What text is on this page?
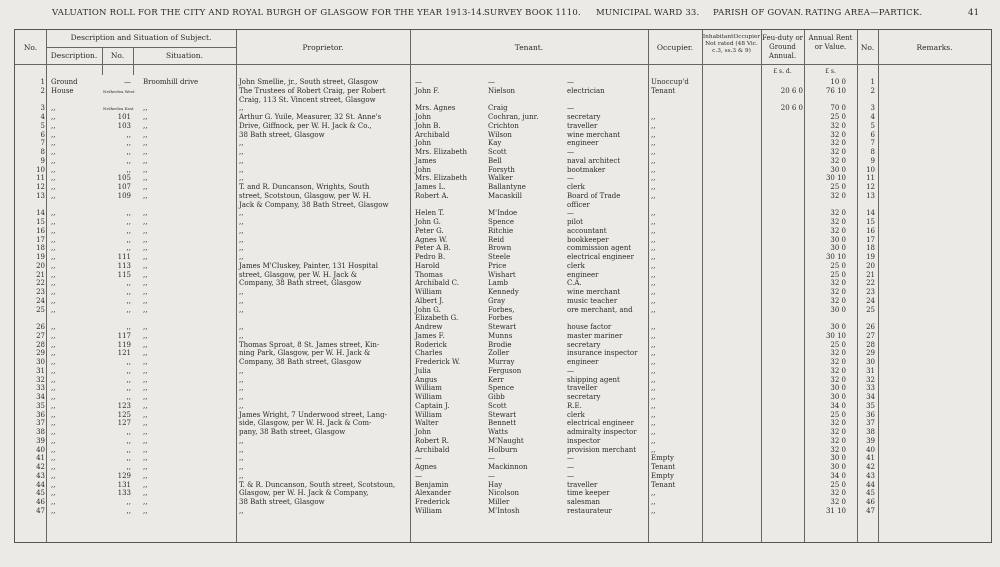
VALUATION ROLL FOR THE CITY AND ROYAL BURGH OF GLASGOW FOR THE YEAR 1913-14. SURVEY BOOK 1110. MUNICIPAL WARD 33. PARISH OF GOVAN. RATING AREA—PARTICK.	41
No.
Description and Situation of Subject.
Description.	No.	Situation.
Proprietor.	Tenant.	Occupier.
InhabitantOccupier Not rated (48 Vic. c.3, ss.3 & 9)
Feu-duty or Ground Annual.
Annual Rent or Value.	No.	Remarks.
£ s. d.	£ s.
1 Ground	— Broomhill drive	John Smellie, jr., South street, Glasgow	—	—	—	Unoccup'd	10 0	1
2 House	Netherlea West	The Trustees of Robert Craig, per Robert	John F.	Nielson	electrician	Tenant	20 6 0	76 10	2
Craig, 113 St. Vincent street, Glasgow
3 ,,	Netherlea East ,,	,,	Mrs. Agnes	Craig	—	20 6 0	70 0	3
4 ,,	101 ,,	Arthur G. Yuile, Measurer, 32 St. Anne's	John	Cochran, junr.	secretary	,,	25 0	4
5 ,,	103 ,,	Drive, Giffnock, per W. H. Jack & Co.,	John B.	Crichton	traveller	,,	32 0	5
6 ,,	,, ,,	38 Bath street, Glasgow	Archibald	Wilson	wine merchant	,,	32 0	6
7 ,,	,, ,,	,,	John	Kay	engineer	,,	32 0	7
8 ,,	,, ,,	,,	Mrs. Elizabeth	Scott	—	,,	32 0	8
9 ,,	,, ,,	,,	James	Bell	naval architect	,,	32 0	9
10 ,,	,, ,,	,,	John	Forsyth	bootmaker	,,	30 0	10
11 ,,	105 ,,	,,	Mrs. Elizabeth	Walker	—	,,	30 10	11
12 ,,	107 ,,	T. and R. Duncanson, Wrights, South	James L.	Ballantyne	clerk	,,	25 0	12
13 ,,	109 ,,	street, Scotstoun, Glasgow, per W. H.	Robert A.	Macaskill	Board of Trade	,,	32 0	13
Jack & Company, 38 Bath Street, Glasgow	officer
14 ,,	,, ,,	,,	Helen T.	M'Indoe	—	,,	32 0	14
15 ,,	,, ,,	,,	John G.	Spence	pilot	,,	32 0	15
16 ,,	,, ,,	,,	Peter G.	Ritchie	accountant	,,	32 0	16
17 ,,	,, ,,	,,	Agnes W.	Reid	bookkeeper	,,	30 0	17
18 ,,	,, ,,	,,	Peter A B.	Brown	commission agent	,,	30 0	18
19 ,,	111 ,,	,,	Pedro B.	Steele	electrical engineer	,,	30 10	19
20 ,,	113 ,,	James M'Cluskey, Painter, 131 Hospital	Harold	Price	clerk	,,	25 0	20
21 ,,	115 ,,	street, Glasgow, per W. H. Jack &	Thomas	Wishart	engineer	,,	25 0	21
22 ,,	,, ,,	Company, 38 Bath street, Glasgow	Archibald C.	Lamb	C.A.	,,	32 0	22
23 ,,	,, ,,	,,	William	Kennedy	wine merchant	,,	32 0	23
24 ,,	,, ,,	,,	Albert J.	Gray	music teacher	,,	32 0	24
25 ,,	,, ,,	,,	John G.	Forbes,	ore merchant, and	,,	30 0	25
Elizabeth G.	Forbes
26 ,,	,, ,,	,,	Andrew	Stewart	house factor	,,	30 0	26
27 ,,	117 ,,	,,	James F.	Munns	master mariner	,,	30 10	27
28 ,,	119 ,,	Thomas Sproat, 8 St. James street, Kin-	Roderick	Brodie	secretary	,,	25 0	28
29 ,,	121 ,,	ning Park, Glasgow, per W. H. Jack &	Charles	Zoller	insurance inspector	,,	32 0	29
30 ,,	,, ,,	Company, 38 Bath street, Glasgow	Frederick W.	Murray	engineer	,,	32 0	30
31 ,,	,, ,,	,,	Julia	Ferguson	—	,,	32 0	31
32 ,,	,, ,,	,,	Angus	Kerr	shipping agent	,,	32 0	32
33 ,,	,, ,,	,,	William	Spence	traveller	,,	30 0	33
34 ,,	,, ,,	,,	William	Gibb	secretary	,,	30 0	34
35 ,,	123 ,,	,,	Captain J.	Scott	R.E.	,,	34 0	35
36 ,,	125 ,,	James Wright, 7 Underwood street, Lang-	William	Stewart	clerk	,,	25 0	36
37 ,,	127 ,,	side, Glasgow, per W. H. Jack & Com-	Walter	Bennett	electrical engineer	,,	32 0	37
38 ,,	,, ,,	pany, 38 Bath street, Glasgow	John	Watts	admiralty inspector	,,	32 0	38
39 ,,	,, ,,	,,	Robert R.	M'Naught	inspector	,,	32 0	39
40 ,,	,, ,,	,,	Archibald	Holburn	provision merchant	,,	32 0	40
41 ,,	,, ,,	,,	—	—	—	Empty	30 0	41
42 ,,	,, ,,	,,	Agnes	Mackinnon	—	Tenant	30 0	42
43 ,,	129 ,,	,,	—	—	—	Empty	34 0	43
44 ,,	131 ,,	T. & R. Duncanson, South street, Scotstoun,	Benjamin	Hay	traveller	Tenant	25 0	44
45 ,,	133 ,,	Glasgow, per W. H. Jack & Company,	Alexander	Nicolson	time keeper	,,	32 0	45
46 ,,	,, ,,	38 Bath street, Glasgow	Frederick	Miller	salesman	,,	32 0	46
47 ,,	,, ,,	,,	William	M'Intosh	restaurateur	,,	31 10	47
